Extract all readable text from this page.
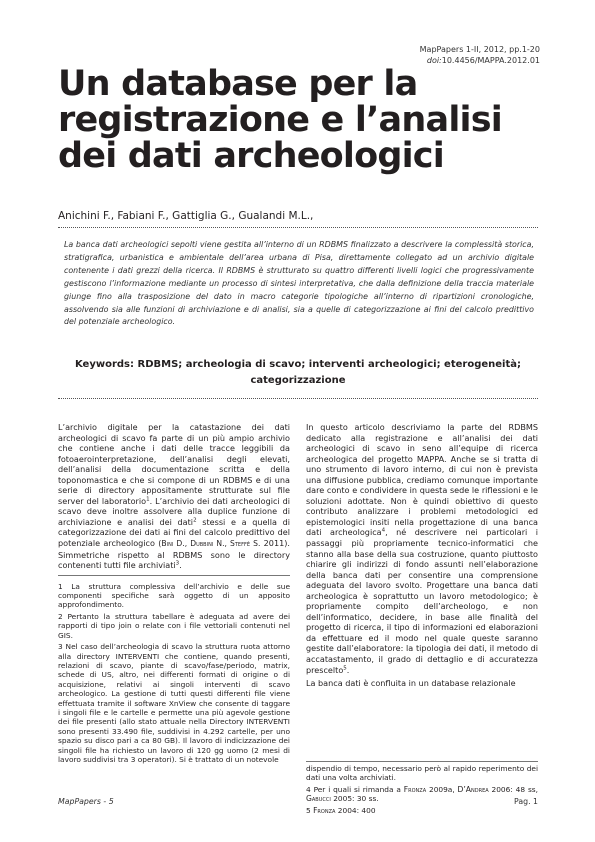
MapPapers 1-II, 2012, pp.1-20
doi:10.4456/MAPPA.2012.01
Un database per la
registrazione e l’analisi
dei dati archeologici
Anichini F., Fabiani F., Gattiglia G., Gualandi M.L.,
La banca dati archeologici sepolti viene gestita all’interno di un RDBMS finalizzato a descrivere la complessità storica, stratigrafica, urbanistica e ambientale dell’area urbana di Pisa, direttamente collegato ad un archivio digitale contenente i dati grezzi della ricerca. Il RDBMS è strutturato su quattro differenti livelli logici che progressivamente gestiscono l’informazione mediante un processo di sintesi interpretativa, che dalla definizione della traccia materiale giunge fino alla trasposizione del dato in macro categorie tipologiche all’interno di ripartizioni cronologiche, assolvendo sia alle funzioni di archiviazione e di analisi, sia a quelle di categorizzazione ai fini del calcolo predittivo del potenziale archeologico.
Keywords: RDBMS; archeologia di scavo; interventi archeologici; eterogeneità; categorizzazione

L’archivio digitale per la catastazione dei dati archeologici di scavo fa parte di un più ampio archivio che contiene anche i dati delle tracce leggibili da fotoaerointerpretazione, dell’analisi degli elevati, dell’analisi della documentazione scritta e della toponomastica e che si compone di un RDBMS e di una serie di directory appositamente strutturate sul file server del laboratorio$^1$. L’archivio dei dati archeologici di scavo deve inoltre assolvere alla duplice funzione di archiviazione e analisi dei dati$^2$ stessi e a quella di categorizzazione dei dati ai fini del calcolo predittivo del potenziale archeologico (Bini D., Dubbini N., Steffè S. 2011). Simmetriche rispetto al RDBMS sono le directory contenenti tutti file archiviati$^3$.

1 La struttura complessiva dell’archivio e delle sue componenti specifiche sarà oggetto di un apposito approfondimento.
2 Pertanto la struttura tabellare è adeguata ad avere dei rapporti di tipo join o relate con i file vettoriali contenuti nel GIS.
3 Nel caso dell’archeologia di scavo la struttura ruota attorno alla directory INTERVENTI che contiene, quando presenti, relazioni di scavo, piante di scavo/fase/periodo, matrix, schede di US, altro, nei differenti formati di origine o di acquisizione, relativi ai singoli interventi di scavo archeologico. La gestione di tutti questi differenti file viene effettuata tramite il software XnView che consente di taggare i singoli file e le cartelle e permette una più agevole gestione dei file presenti (allo stato attuale nella Directory INTERVENTI sono presenti 33.490 file, suddivisi in 4.292 cartelle, per uno spazio su disco pari a ca 80 GB). Il lavoro di indicizzazione dei singoli file ha richiesto un lavoro di 120 gg uomo (2 mesi di lavoro suddivisi tra 3 operatori). Si è trattato di un notevole

In questo articolo descriviamo la parte del RDBMS dedicato alla registrazione e all’analisi dei dati archeologici di scavo in seno all’equipe di ricerca archeologica del progetto MAPPA. Anche se si tratta di uno strumento di lavoro interno, di cui non è prevista una diffusione pubblica, crediamo comunque importante dare conto e condividere in questa sede le riflessioni e le soluzioni adottate. Non è quindi obiettivo di questo contributo analizzare i problemi metodologici ed epistemologici insiti nella progettazione di una banca dati archeologica$^4$, né descrivere nei particolari i passaggi più propriamente tecnico-informatici che stanno alla base della sua costruzione, quanto piuttosto chiarire gli indirizzi di fondo assunti nell’elaborazione della banca dati per consentire una comprensione adeguata del lavoro svolto. Progettare una banca dati archeologica è soprattutto un lavoro metodologico; è propriamente compito dell’archeologo, e non dell’informatico, decidere, in base alle finalità del progetto di ricerca, il tipo di informazioni ed elaborazioni da effettuare ed il modo nel quale queste saranno gestite dall’elaboratore: la tipologia dei dati, il metodo di accatastamento, il grado di dettaglio e di accuratezza prescelto$^5$.

La banca dati è confluita in un database relazionale

dispendio di tempo, necessario però al rapido reperimento dei dati una volta archiviati.
4 Per i quali si rimanda a Fronza 2009a, D’Andrea 2006: 48 ss, Gabucci 2005: 30 ss.
5 Fronza 2004: 400
MapPapers - 5	Pag. 1
